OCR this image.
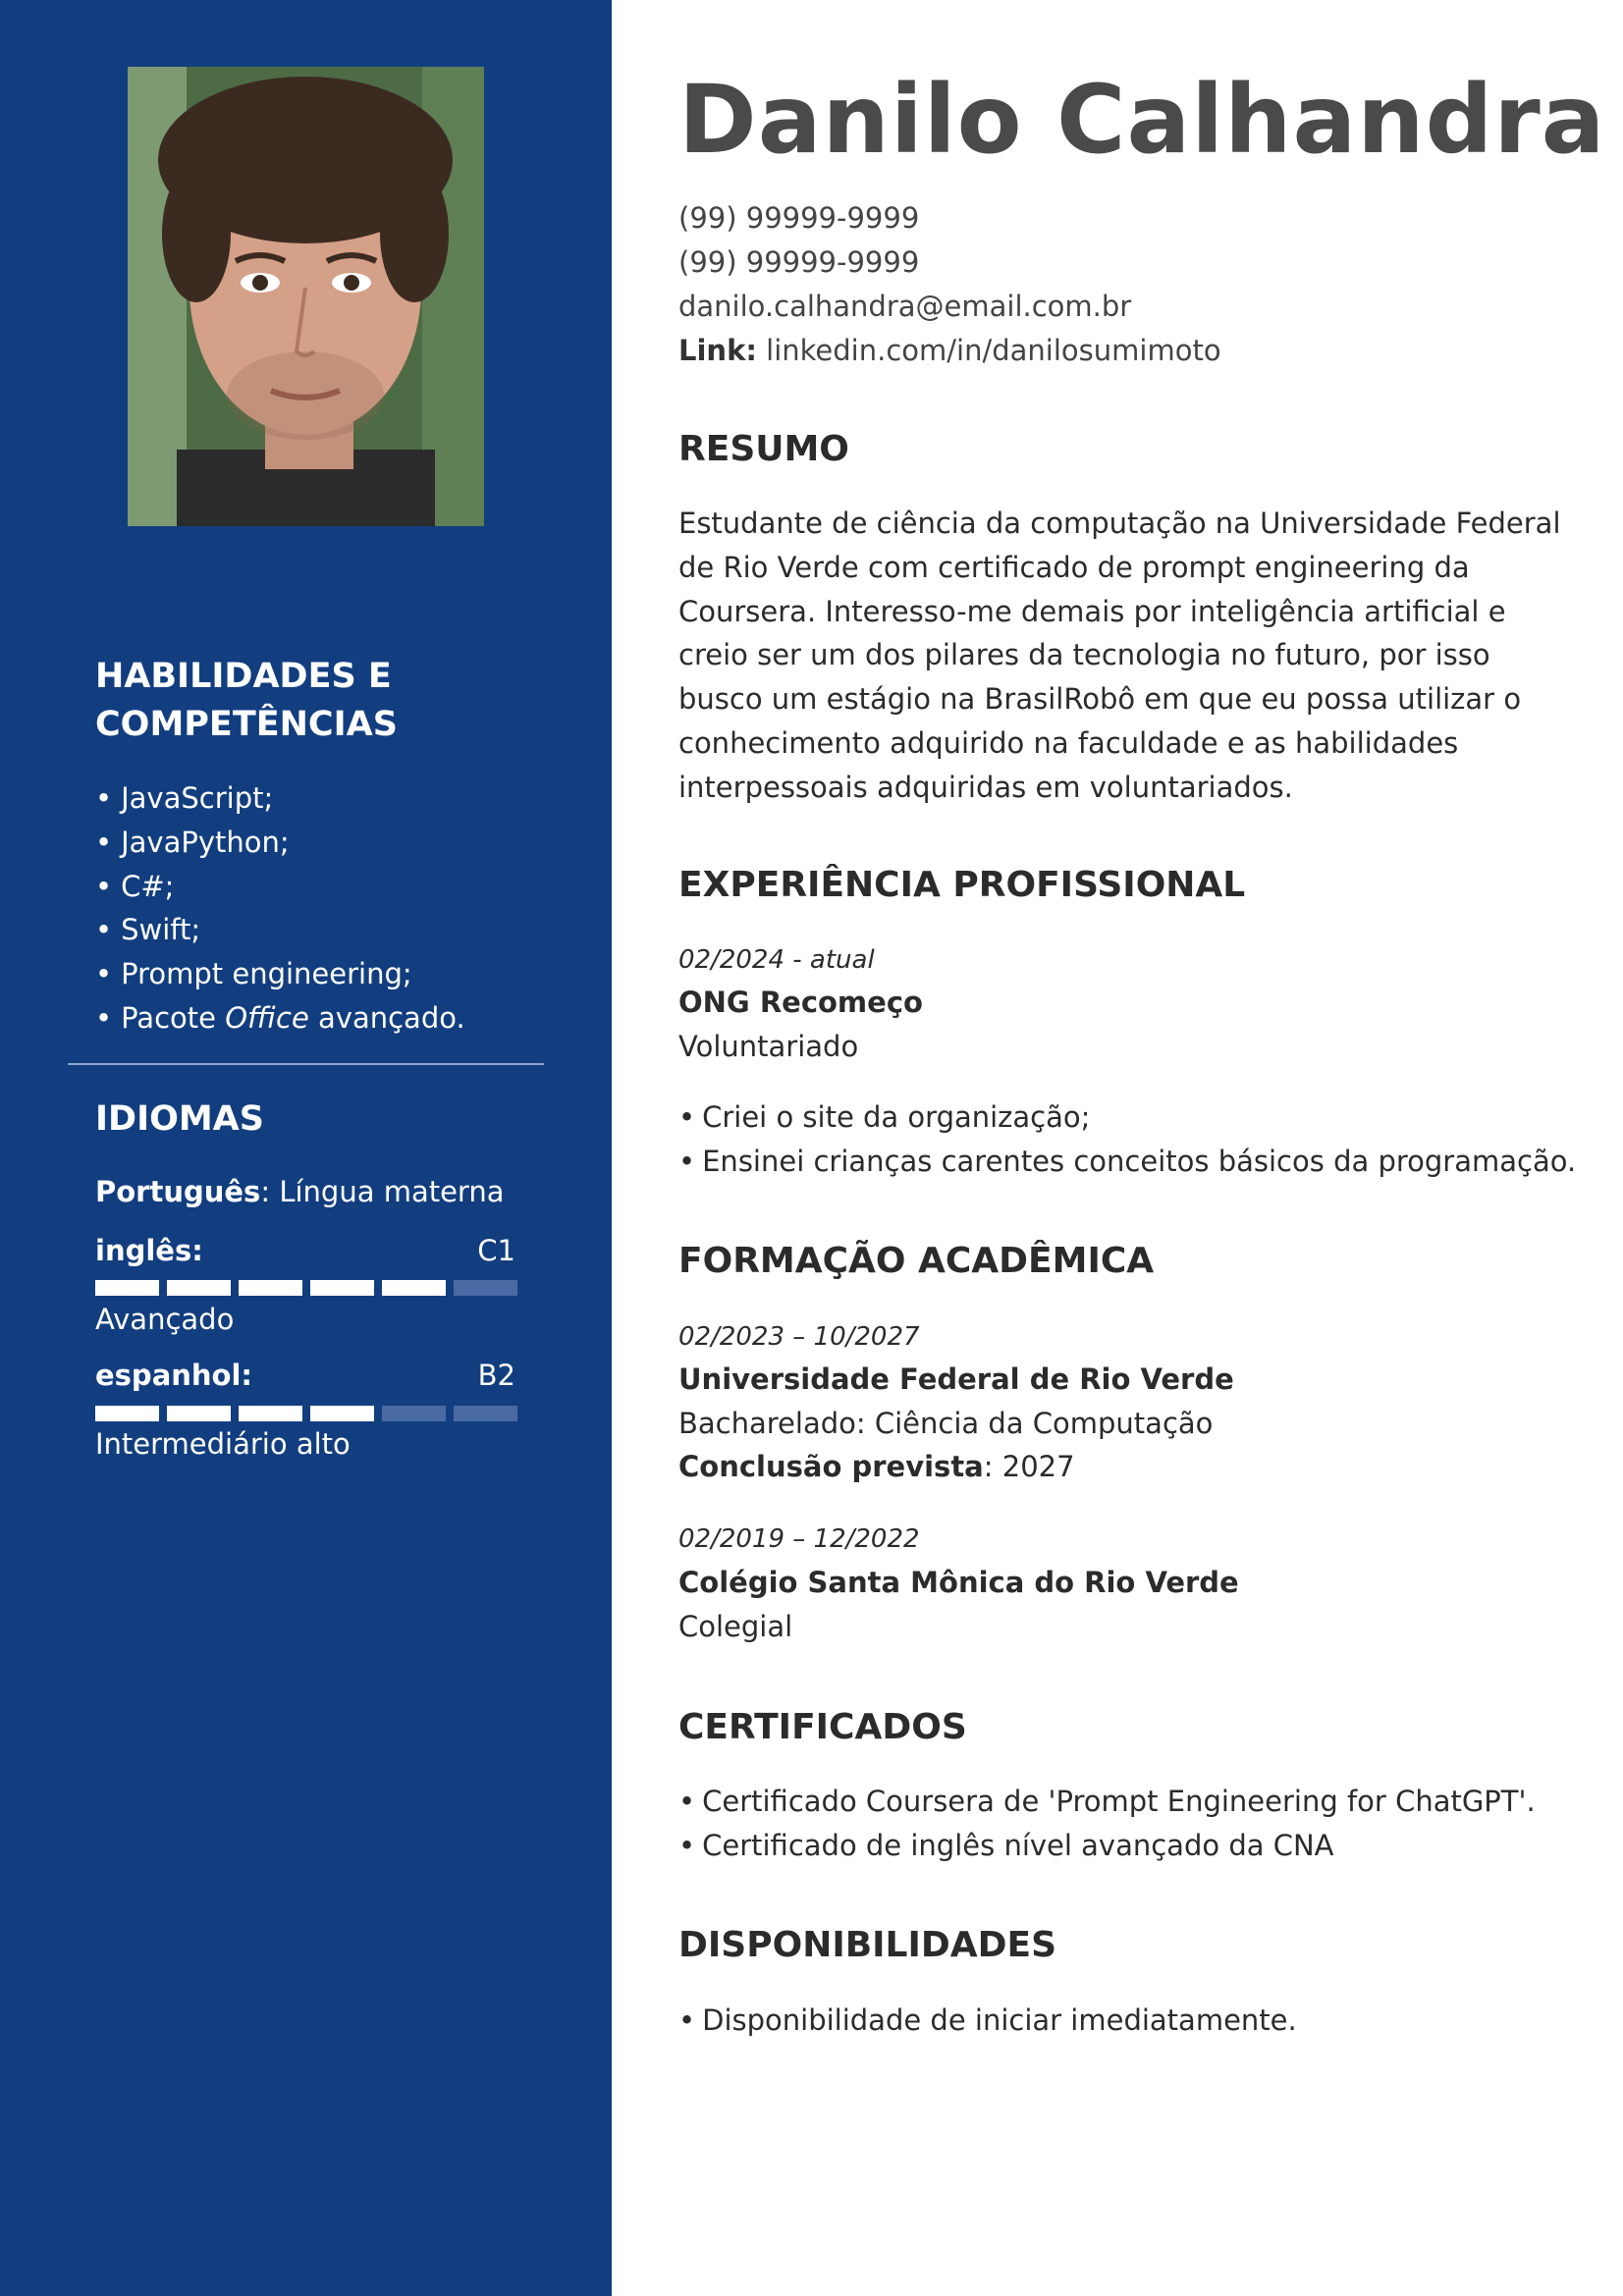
HABILIDADES E COMPETÊNCIAS
• JavaScript;
• JavaPython;
• C#;
• Swift;
• Prompt engineering;
• Pacote Office avançado.
IDIOMAS
Português: Língua materna
inglês:	C1
Avançado
espanhol:	B2
Intermediário alto
Danilo Calhandra
(99) 99999-9999
(99) 99999-9999
danilo.calhandra@email.com.br
Link: linkedin.com/in/danilosumimoto
RESUMO

Estudante de ciência da computação na Universidade Federal de Rio Verde com certificado de prompt engineering da Coursera. Interesso-me demais por inteligência artificial e creio ser um dos pilares da tecnologia no futuro, por isso busco um estágio na BrasilRobô em que eu possa utilizar o conhecimento adquirido na faculdade e as habilidades interpessoais adquiridas em voluntariados.

EXPERIÊNCIA PROFISSIONAL
02/2024 - atual
ONG Recomeço
Voluntariado
• Criei o site da organização;
• Ensinei crianças carentes conceitos básicos da programação.
FORMAÇÃO ACADÊMICA
02/2023 – 10/2027
Universidade Federal de Rio Verde
Bacharelado: Ciência da Computação
Conclusão prevista: 2027
02/2019 – 12/2022
Colégio Santa Mônica do Rio Verde
Colegial
CERTIFICADOS
• Certificado Coursera de 'Prompt Engineering for ChatGPT'.
• Certificado de inglês nível avançado da CNA
DISPONIBILIDADES
• Disponibilidade de iniciar imediatamente.
